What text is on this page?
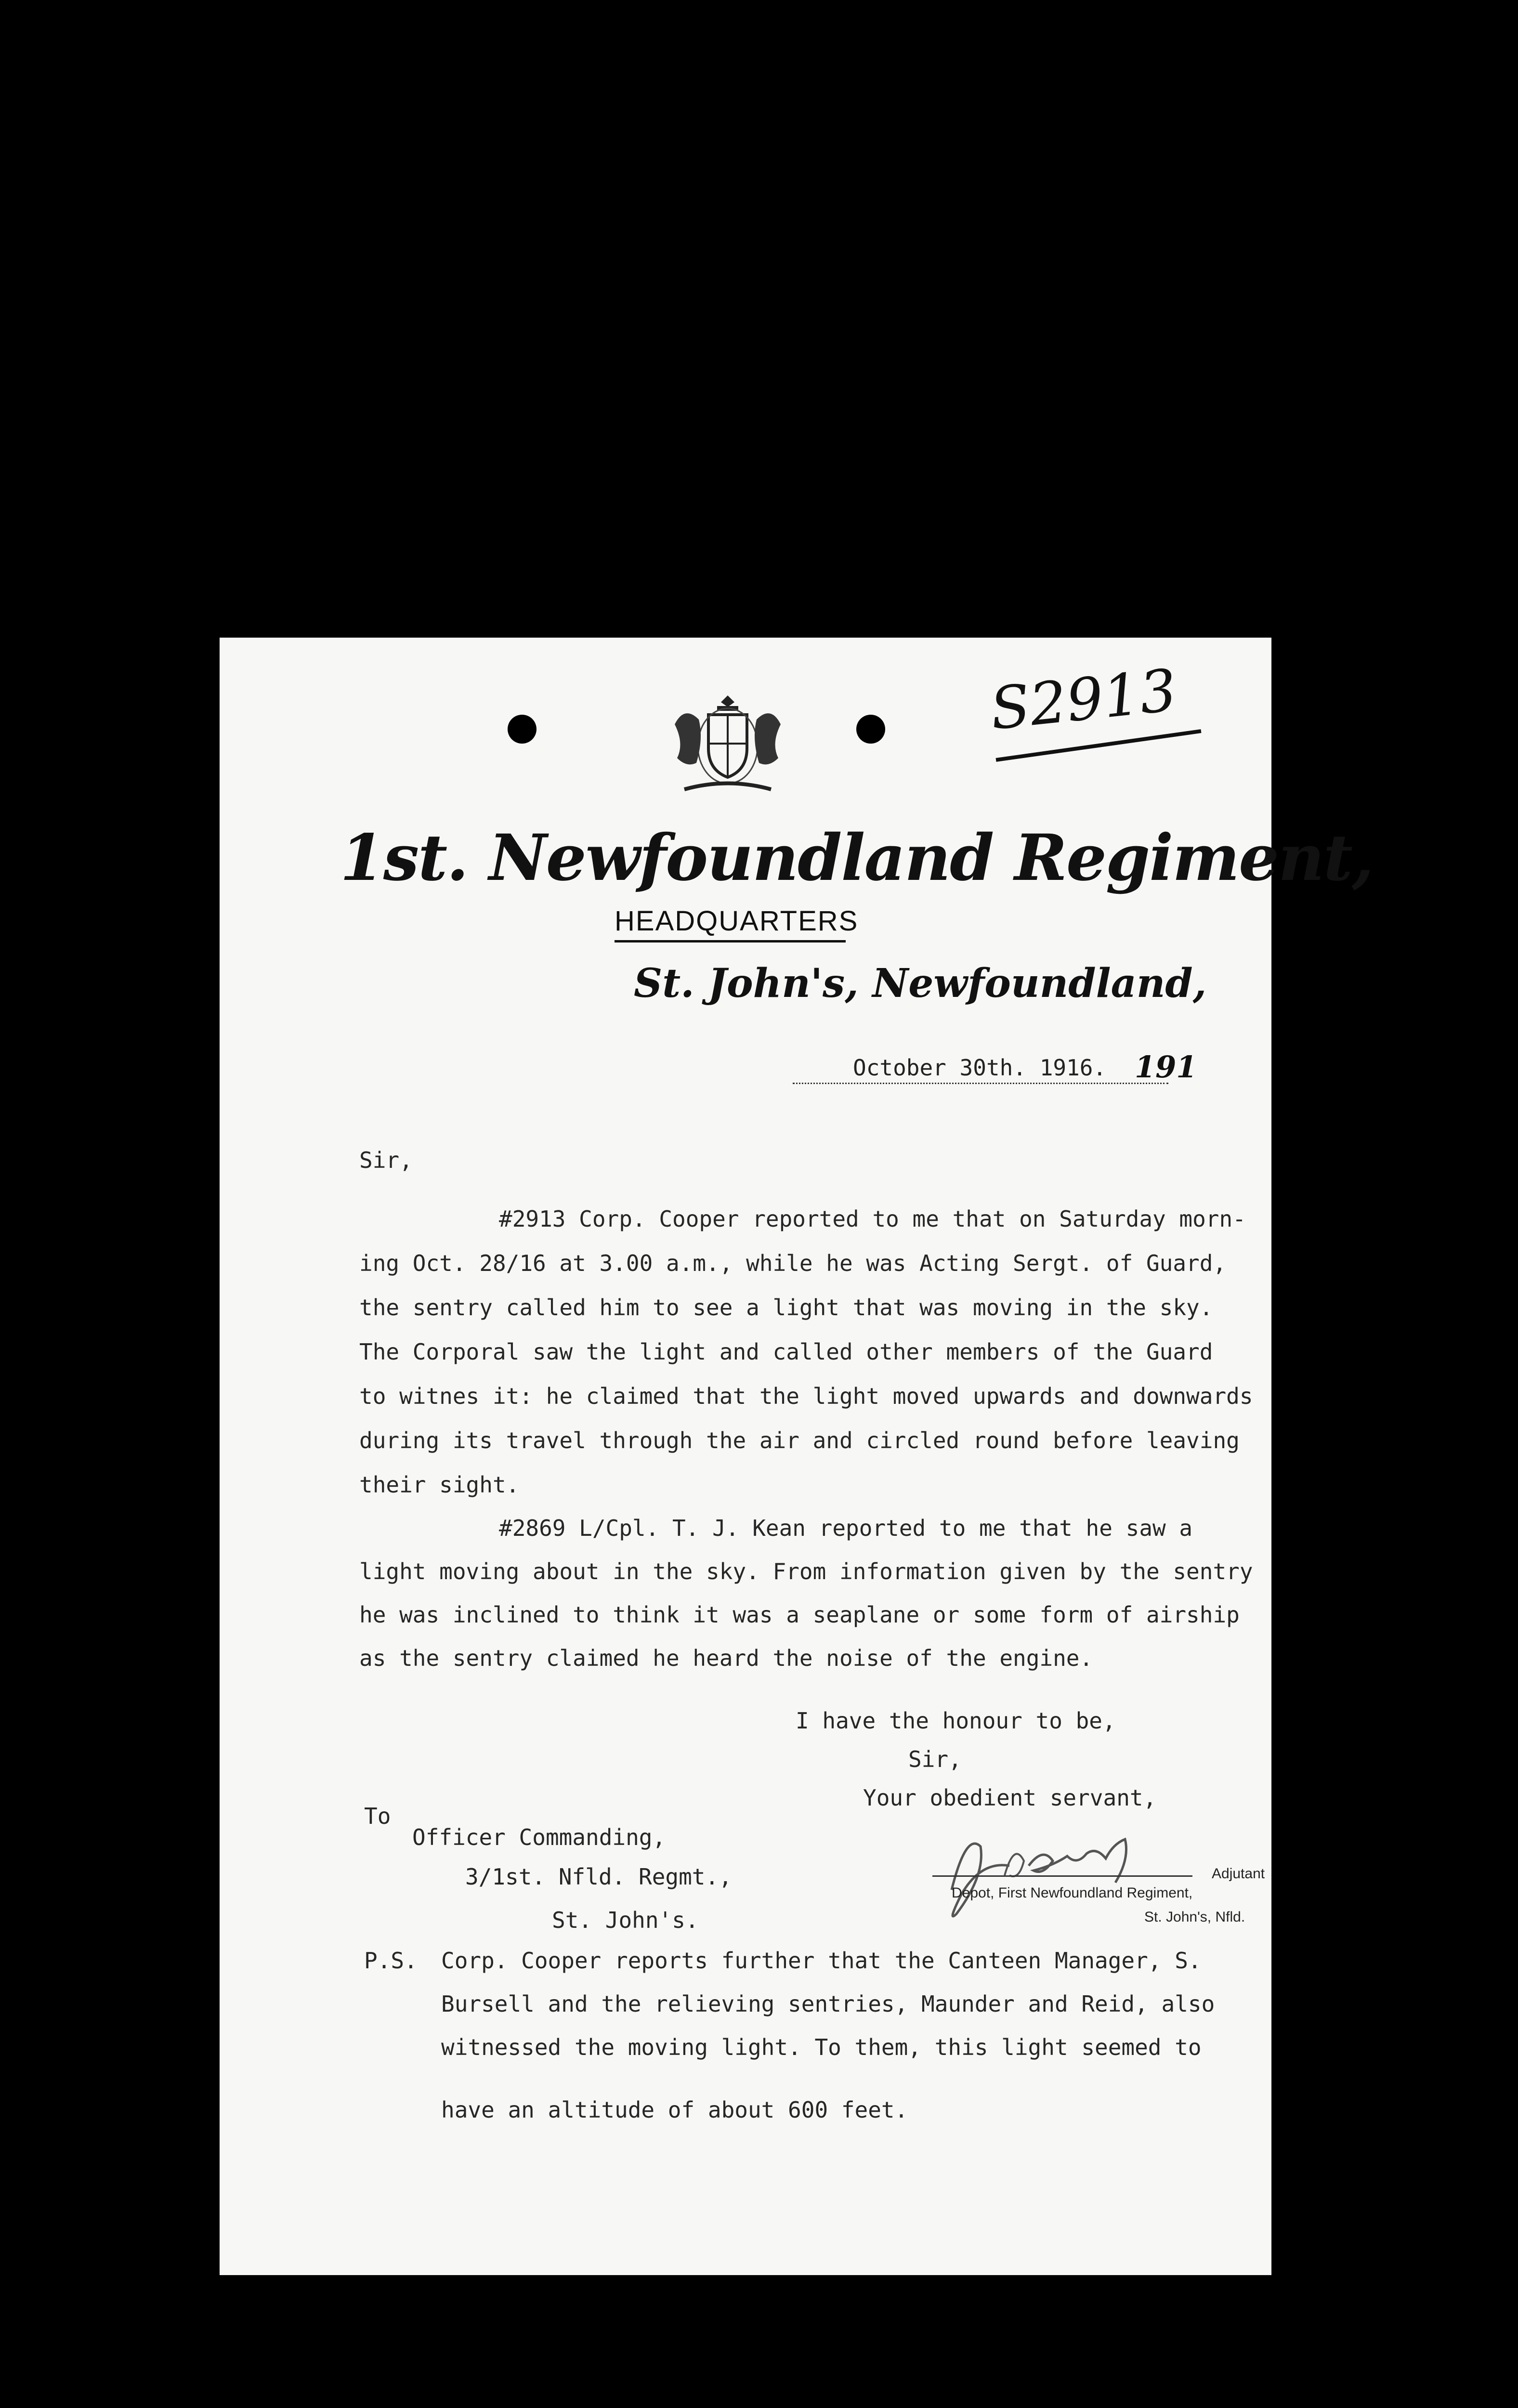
S2913
1st. Newfoundland Regiment,
HEADQUARTERS
St. John's, Newfoundland,
October 30th. 1916. 191
Sir,
#2913 Corp. Cooper reported to me that on Saturday morn-
ing Oct. 28/16 at 3.00 a.m., while he was Acting Sergt. of Guard,
the sentry called him to see a light that was moving in the sky.
The Corporal saw the light and called other members of the Guard
to witnes it: he claimed that the light moved upwards and downwards
during its travel through the air and circled round before leaving
their sight.
#2869 L/Cpl. T. J. Kean reported to me that he saw a
light moving about in the sky. From information given by the sentry
he was inclined to think it was a seaplane or some form of airship
as the sentry claimed he heard the noise of the engine.
I have the honour to be,
Sir,
Your obedient servant,
To
Officer Commanding,
3/1st. Nfld. Regmt.,
St. John's.
Adjutant
Depot, First Newfoundland Regiment,
St. John's, Nfld.
P.S. Corp. Cooper reports further that the Canteen Manager, S.
Bursell and the relieving sentries, Maunder and Reid, also
witnessed the moving light. To them, this light seemed to
have an altitude of about 600 feet.
